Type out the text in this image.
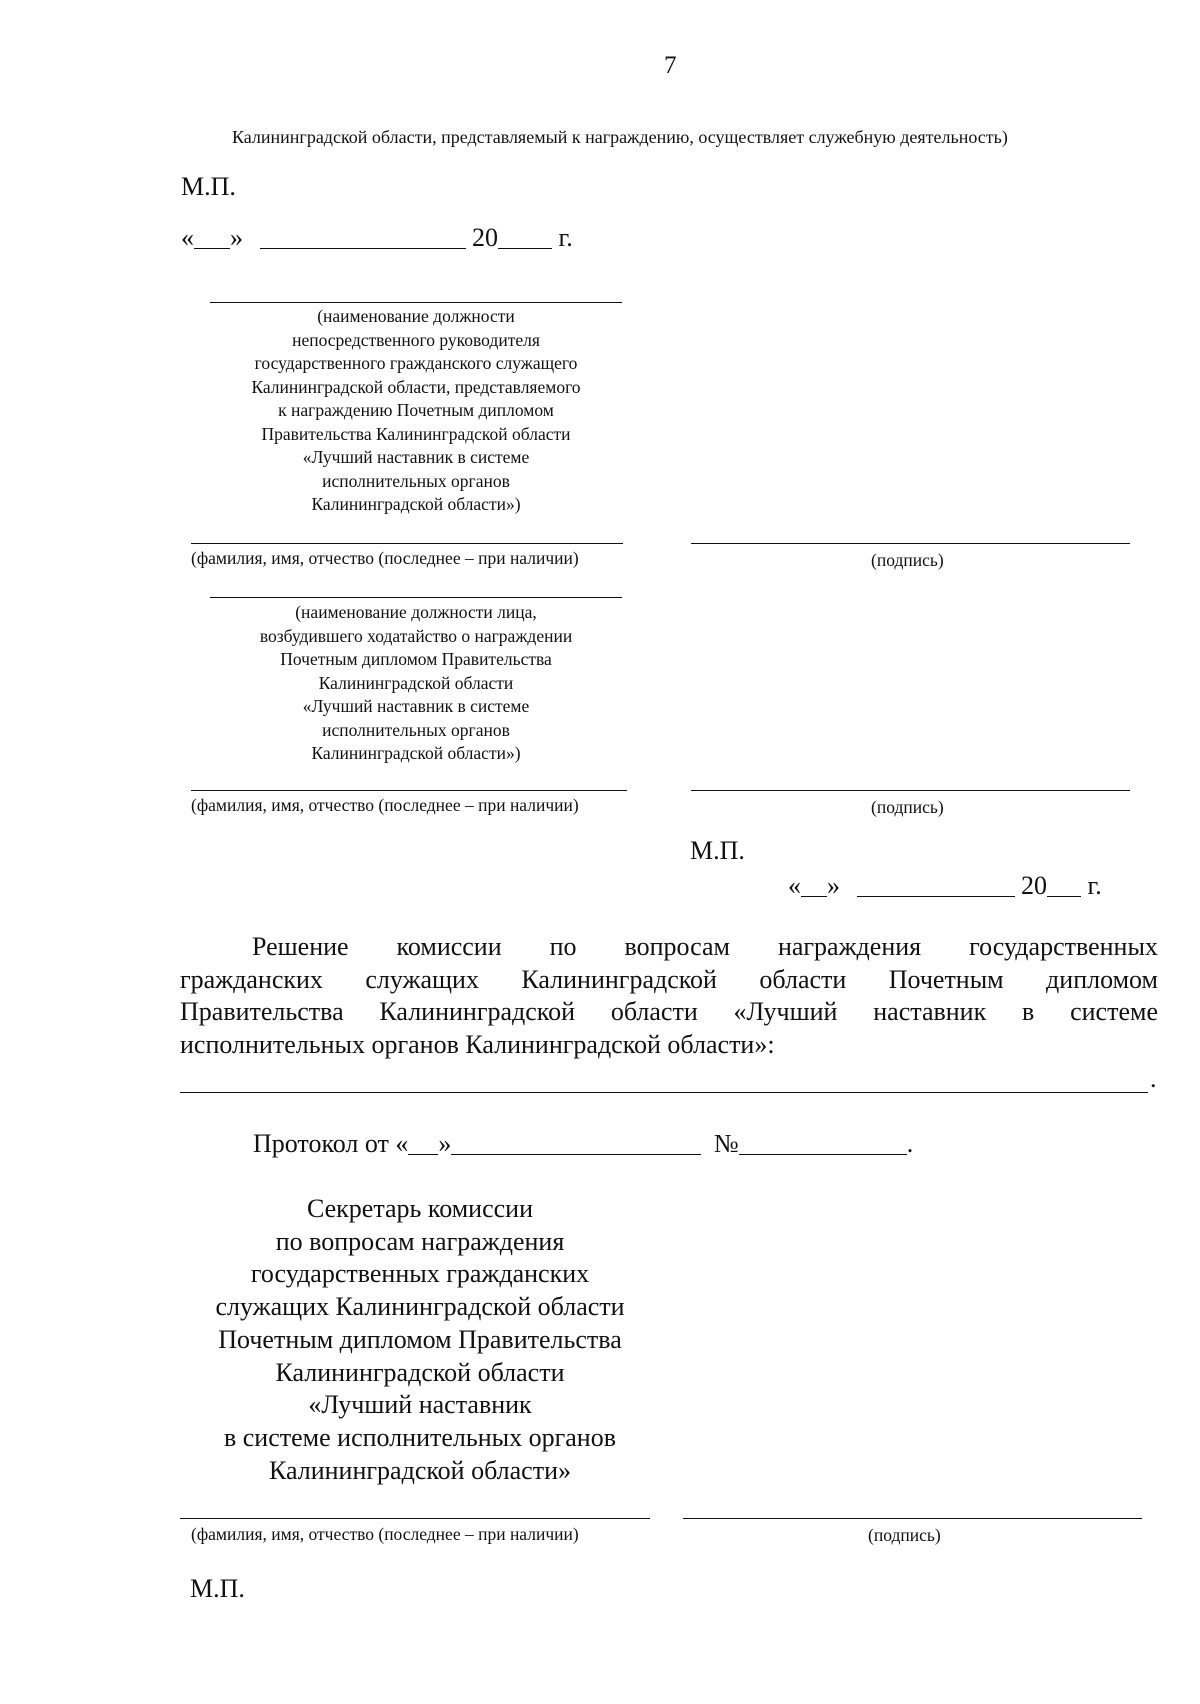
7
Калининградской области, представляемый к награждению, осуществляет служебную деятельность)
М.П.
« »	20 г.
(наименование должности
непосредственного руководителя
государственного гражданского служащего
Калининградской области, представляемого
к награждению Почетным дипломом
Правительства Калининградской области
«Лучший наставник в системе
исполнительных органов
Калининградской области»)
(фамилия, имя, отчество (последнее – при наличии)	(подпись)
(наименование должности лица,
возбудившего ходатайство о награждении
Почетным дипломом Правительства
Калининградской области
«Лучший наставник в системе
исполнительных органов
Калининградской области»)
(фамилия, имя, отчество (последнее – при наличии)	(подпись)
М.П.
« »	20 г.
Решение комиссии по вопросам награждения государственных
гражданских служащих Калининградской области Почетным дипломом
Правительства Калининградской области «Лучший наставник в системе
исполнительных органов Калининградской области»:
.
Протокол от « »	№	.
Секретарь комиссии
по вопросам награждения
государственных гражданских
служащих Калининградской области
Почетным дипломом Правительства
Калининградской области
«Лучший наставник
в системе исполнительных органов
Калининградской области»
(фамилия, имя, отчество (последнее – при наличии)	(подпись)
М.П.
